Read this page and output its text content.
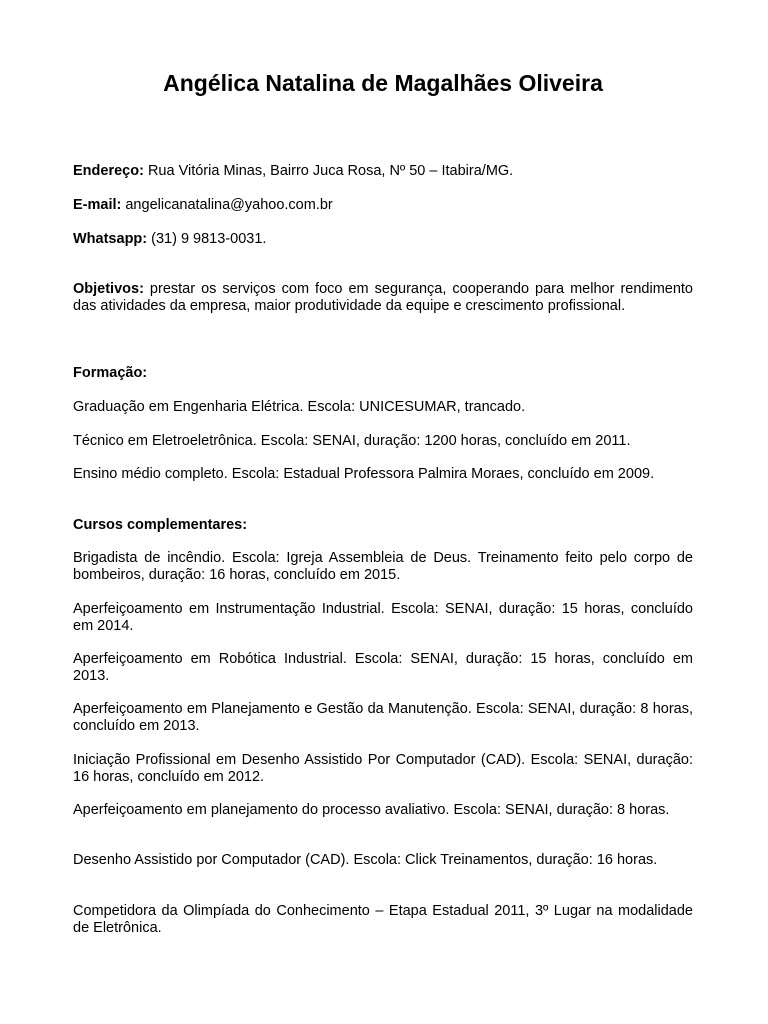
Angélica Natalina de Magalhães Oliveira

Endereço: Rua Vitória Minas, Bairro Juca Rosa, Nº 50 – Itabira/MG.

E-mail: angelicanatalina@yahoo.com.br

Whatsapp: (31) 9 9813-0031.

Objetivos: prestar os serviços com foco em segurança, cooperando para melhor rendimento das atividades da empresa, maior produtividade da equipe e crescimento profissional.

Formação:

Graduação em Engenharia Elétrica. Escola: UNICESUMAR, trancado.

Técnico em Eletroeletrônica. Escola: SENAI, duração: 1200 horas, concluído em 2011.

Ensino médio completo. Escola: Estadual Professora Palmira Moraes, concluído em 2009.

Cursos complementares:

Brigadista de incêndio. Escola: Igreja Assembleia de Deus. Treinamento feito pelo corpo de bombeiros, duração: 16 horas, concluído em 2015.

Aperfeiçoamento em Instrumentação Industrial. Escola: SENAI, duração: 15 horas, concluído em 2014.

Aperfeiçoamento em Robótica Industrial. Escola: SENAI, duração: 15 horas, concluído em 2013.

Aperfeiçoamento em Planejamento e Gestão da Manutenção. Escola: SENAI, duração: 8 horas, concluído em 2013.

Iniciação Profissional em Desenho Assistido Por Computador (CAD). Escola: SENAI, duração: 16 horas, concluído em 2012.

Aperfeiçoamento em planejamento do processo avaliativo. Escola: SENAI, duração: 8 horas.

Desenho Assistido por Computador (CAD). Escola: Click Treinamentos, duração: 16 horas.

Competidora da Olimpíada do Conhecimento – Etapa Estadual 2011, 3º Lugar na modalidade de Eletrônica.
